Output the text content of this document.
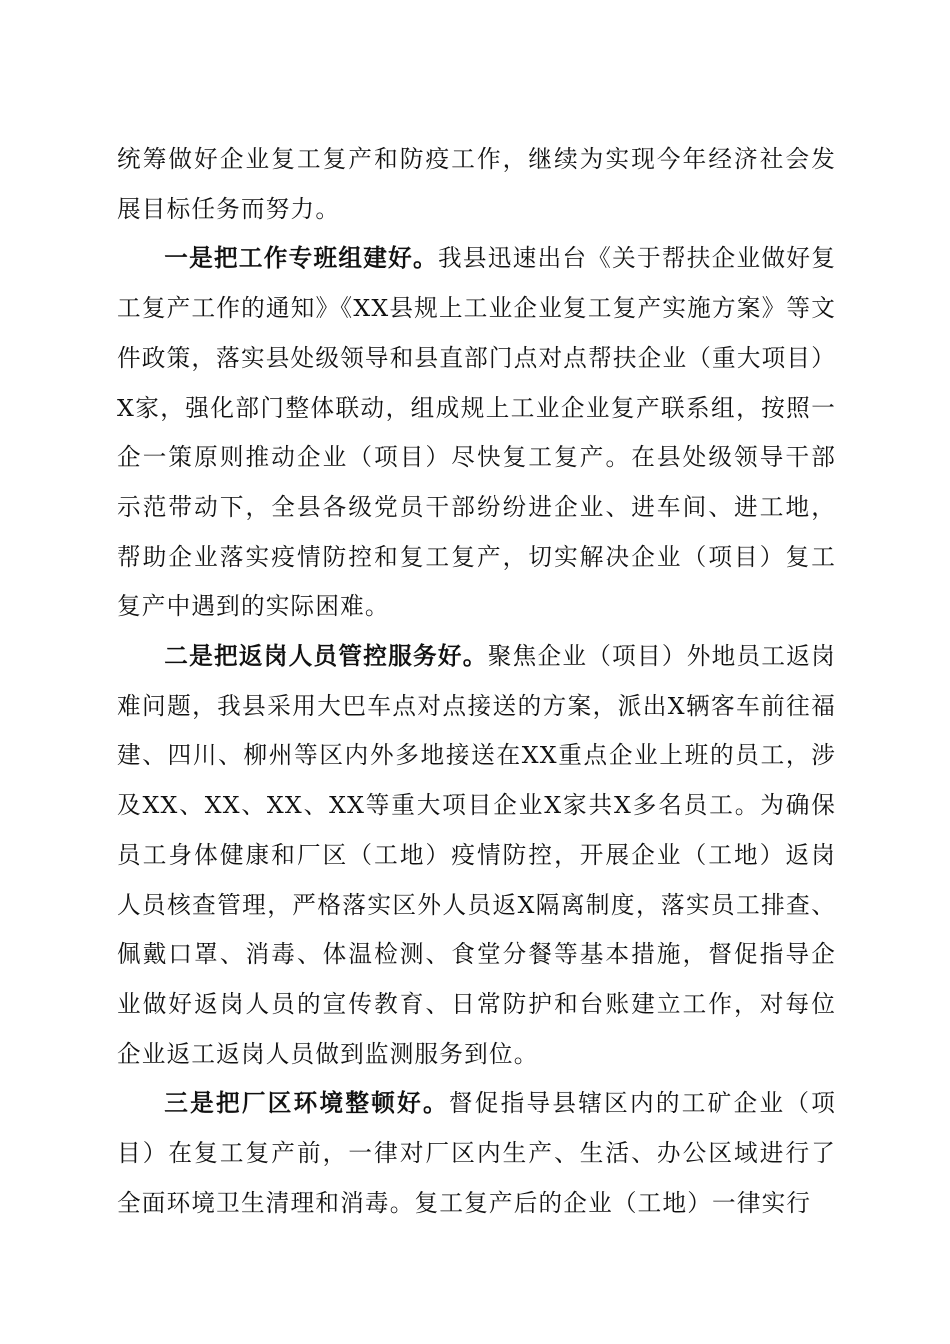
统筹做好企业复工复产和防疫工作，继续为实现今年经济社会发展目标任务而努力。

一是把工作专班组建好。我县迅速出台《关于帮扶企业做好复工复产工作的通知》《XX县规上工业企业复工复产实施方案》等文件政策，落实县处级领导和县直部门点对点帮扶企业（重大项目）X家，强化部门整体联动，组成规上工业企业复产联系组，按照一企一策原则推动企业（项目）尽快复工复产。在县处级领导干部示范带动下，全县各级党员干部纷纷进企业、进车间、进工地，帮助企业落实疫情防控和复工复产，切实解决企业（项目）复工复产中遇到的实际困难。

二是把返岗人员管控服务好。聚焦企业（项目）外地员工返岗难问题，我县采用大巴车点对点接送的方案，派出X辆客车前往福建、四川、柳州等区内外多地接送在XX重点企业上班的员工，涉及XX、XX、XX、XX等重大项目企业X家共X多名员工。为确保员工身体健康和厂区（工地）疫情防控，开展企业（工地）返岗人员核查管理，严格落实区外人员返X隔离制度，落实员工排查、佩戴口罩、消毒、体温检测、食堂分餐等基本措施，督促指导企业做好返岗人员的宣传教育、日常防护和台账建立工作，对每位企业返工返岗人员做到监测服务到位。

三是把厂区环境整顿好。督促指导县辖区内的工矿企业（项目）在复工复产前，一律对厂区内生产、生活、办公区域进行了全面环境卫生清理和消毒。复工复产后的企业（工地）一律实行
